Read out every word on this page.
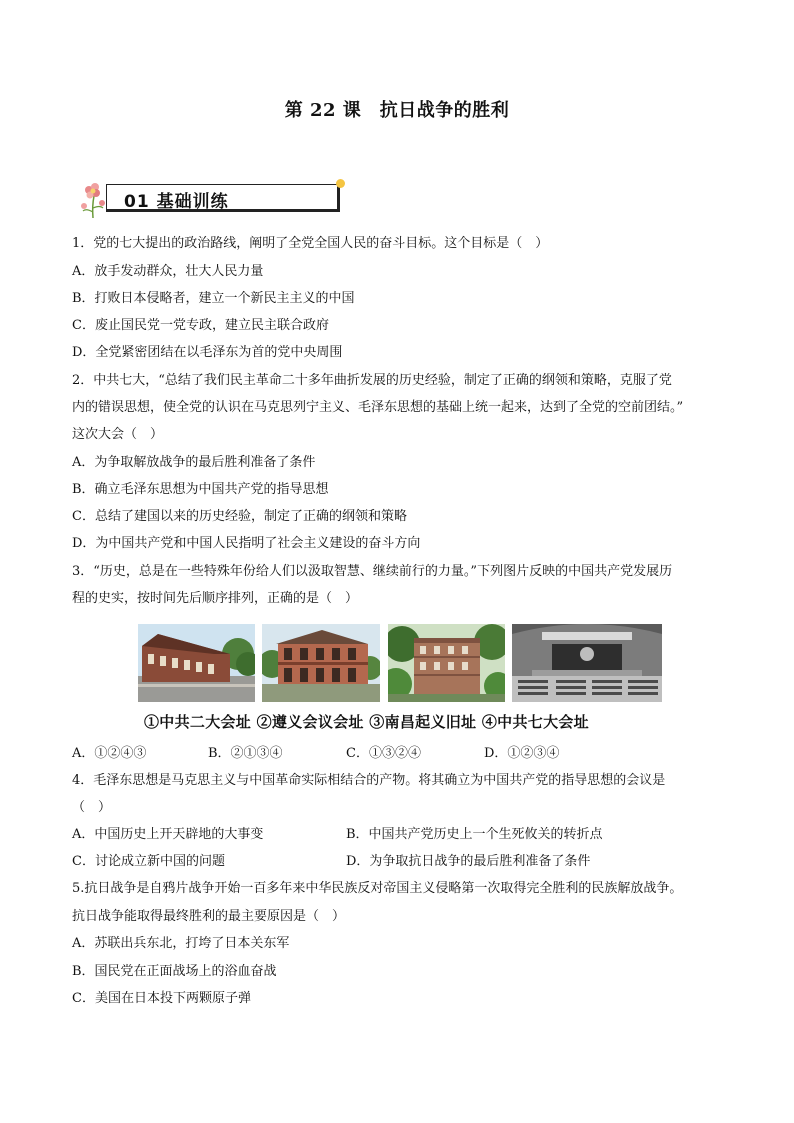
第 22 课　抗日战争的胜利
01 基础训练
1．党的七大提出的政治路线，阐明了全党全国人民的奋斗目标。这个目标是（　）
A．放手发动群众，壮大人民力量
B．打败日本侵略者，建立一个新民主主义的中国
C．废止国民党一党专政，建立民主联合政府
D．全党紧密团结在以毛泽东为首的党中央周围
2．中共七大，“总结了我们民主革命二十多年曲折发展的历史经验，制定了正确的纲领和策略，克服了党
内的错误思想，使全党的认识在马克思列宁主义、毛泽东思想的基础上统一起来，达到了全党的空前团结。”
这次大会（　）
A．为争取解放战争的最后胜利准备了条件
B．确立毛泽东思想为中国共产党的指导思想
C．总结了建国以来的历史经验，制定了正确的纲领和策略
D．为中国共产党和中国人民指明了社会主义建设的奋斗方向
3．“历史，总是在一些特殊年份给人们以汲取智慧、继续前行的力量。”下列图片反映的中国共产党发展历
程的史实，按时间先后顺序排列，正确的是（　）
①中共二大会址 ②遵义会议会址 ③南昌起义旧址 ④中共七大会址
A．①②④③	B．②①③④	C．①③②④	D．①②③④
4．毛泽东思想是马克思主义与中国革命实际相结合的产物。将其确立为中国共产党的指导思想的会议是
（　）
A．中国历史上开天辟地的大事变	B．中国共产党历史上一个生死攸关的转折点
C．讨论成立新中国的问题	D．为争取抗日战争的最后胜利准备了条件
5.抗日战争是自鸦片战争开始一百多年来中华民族反对帝国主义侵略第一次取得完全胜利的民族解放战争。
抗日战争能取得最终胜利的最主要原因是（　）
A．苏联出兵东北，打垮了日本关东军
B．国民党在正面战场上的浴血奋战
C．美国在日本投下两颗原子弹
